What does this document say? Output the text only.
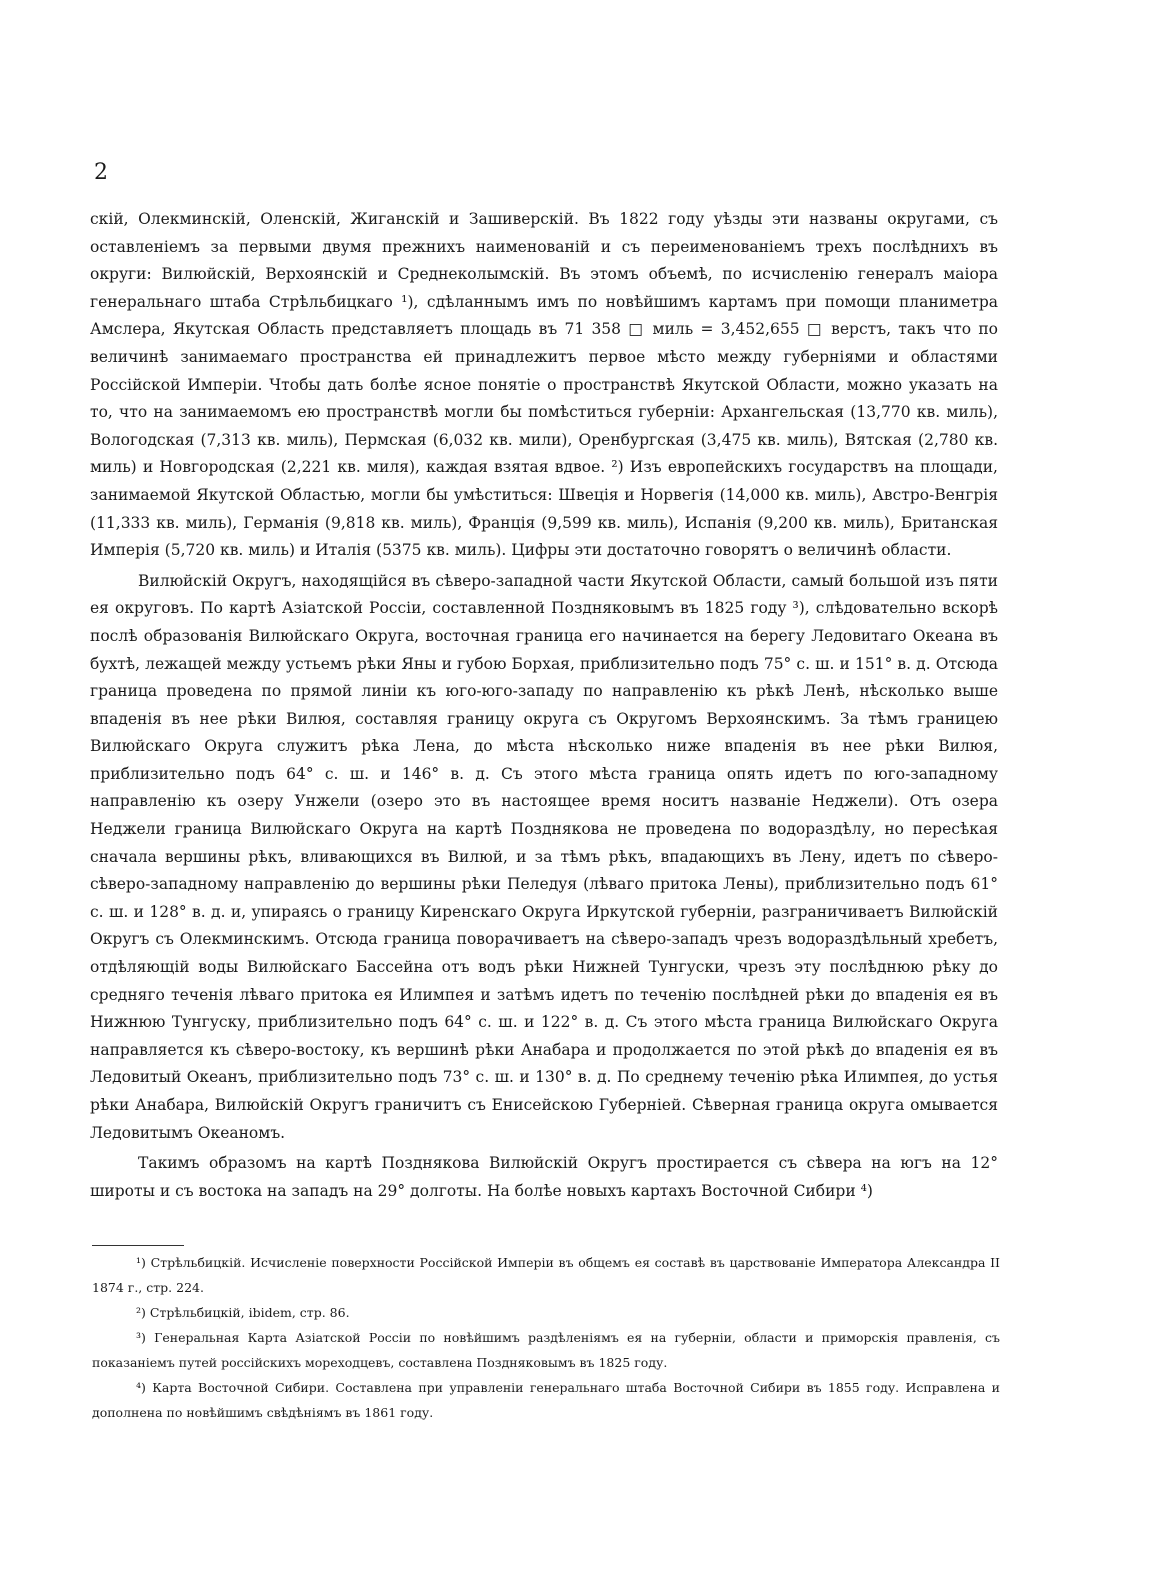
2

скій, Олекминскій, Оленскій, Жиганскій и Зашиверскій. Въ 1822 году уѣзды эти названы округами, съ оставленіемъ за первыми двумя прежнихъ наименованій и съ переименованіемъ трехъ послѣднихъ въ округи: Вилюйскій, Верхоянскій и Среднеколымскій. Въ этомъ объемѣ, по исчисленію генералъ маіора генеральнаго штаба Стрѣльбицкаго ¹), сдѣланнымъ имъ по новѣйшимъ картамъ при помощи планиметра Амслера, Якутская Область представляетъ площадь въ 71 358 □ миль = 3,452,655 □ верстъ, такъ что по величинѣ занимаемаго пространства ей принадлежитъ первое мѣсто между губерніями и областями Россійской Имперіи. Чтобы дать болѣе ясное понятіе о пространствѣ Якутской Области, можно указать на то, что на занимаемомъ ею пространствѣ могли бы помѣститься губерніи: Архангельская (13,770 кв. миль), Вологодская (7,313 кв. миль), Пермская (6,032 кв. мили), Оренбургская (3,475 кв. миль), Вятская (2,780 кв. миль) и Новгородская (2,221 кв. миля), каждая взятая вдвое. ²) Изъ европейскихъ государствъ на площади, занимаемой Якутской Областью, могли бы умѣститься: Швеція и Норвегія (14,000 кв. миль), Австро-Венгрія (11,333 кв. миль), Германія (9,818 кв. миль), Франція (9,599 кв. миль), Испанія (9,200 кв. миль), Британская Имперія (5,720 кв. миль) и Италія (5375 кв. миль). Цифры эти достаточно говорятъ о величинѣ области.

Вилюйскій Округъ, находящійся въ сѣверо-западной части Якутской Области, самый большой изъ пяти ея округовъ. По картѣ Азіатской Россіи, составленной Поздняковымъ въ 1825 году ³), слѣдовательно вскорѣ послѣ образованія Вилюйскаго Округа, восточная граница его начинается на берегу Ледовитаго Океана въ бухтѣ, лежащей между устьемъ рѣки Яны и губою Борхая, приблизительно подъ 75° с. ш. и 151° в. д. Отсюда граница проведена по прямой линіи къ юго-юго-западу по направленію къ рѣкѣ Ленѣ, нѣсколько выше впаденія въ нее рѣки Вилюя, составляя границу округа съ Округомъ Верхоянскимъ. За тѣмъ границею Вилюйскаго Округа служитъ рѣка Лена, до мѣста нѣсколько ниже впаденія въ нее рѣки Вилюя, приблизительно подъ 64° с. ш. и 146° в. д. Съ этого мѣста граница опять идетъ по юго-западному направленію къ озеру Унжели (озеро это въ настоящее время носитъ названіе Неджели). Отъ озера Неджели граница Вилюйскаго Округа на картѣ Позднякова не проведена по водораздѣлу, но пересѣкая сначала вершины рѣкъ, вливающихся въ Вилюй, и за тѣмъ рѣкъ, впадающихъ въ Лену, идетъ по сѣверо-сѣверо-западному направленію до вершины рѣки Пеледуя (лѣваго притока Лены), приблизительно подъ 61° с. ш. и 128° в. д. и, упираясь о границу Киренскаго Округа Иркутской губерніи, разграничиваетъ Вилюйскій Округъ съ Олекминскимъ. Отсюда граница поворачиваетъ на сѣверо-западъ чрезъ водораздѣльный хребетъ, отдѣляющій воды Вилюйскаго Бассейна отъ водъ рѣки Нижней Тунгуски, чрезъ эту послѣднюю рѣку до средняго теченія лѣваго притока ея Илимпея и затѣмъ идетъ по теченію послѣдней рѣки до впаденія ея въ Нижнюю Тунгуску, приблизительно подъ 64° с. ш. и 122° в. д. Съ этого мѣста граница Вилюйскаго Округа направляется къ сѣверо-востоку, къ вершинѣ рѣки Анабара и продолжается по этой рѣкѣ до впаденія ея въ Ледовитый Океанъ, приблизительно подъ 73° с. ш. и 130° в. д. По среднему теченію рѣка Илимпея, до устья рѣки Анабара, Вилюйскій Округъ граничитъ съ Енисейскою Губерніей. Сѣверная граница округа омывается Ледовитымъ Океаномъ.

Такимъ образомъ на картѣ Позднякова Вилюйскій Округъ простирается съ сѣвера на югъ на 12° широты и съ востока на западъ на 29° долготы. На болѣе новыхъ картахъ Восточной Сибири ⁴)

¹) Стрѣльбицкій. Исчисленіе поверхности Россійской Имперіи въ общемъ ея составѣ въ царствованіе Императора Александра II 1874 г., стр. 224.

²) Стрѣльбицкій, ibidem, стр. 86.

³) Генеральная Карта Азіатской Россіи по новѣйшимъ раздѣленіямъ ея на губерніи, области и приморскія правленія, съ показаніемъ путей россійскихъ мореходцевъ, составлена Поздняковымъ въ 1825 году.

⁴) Карта Восточной Сибири. Составлена при управленіи генеральнаго штаба Восточной Сибири въ 1855 году. Исправлена и дополнена по новѣйшимъ свѣдѣніямъ въ 1861 году.
